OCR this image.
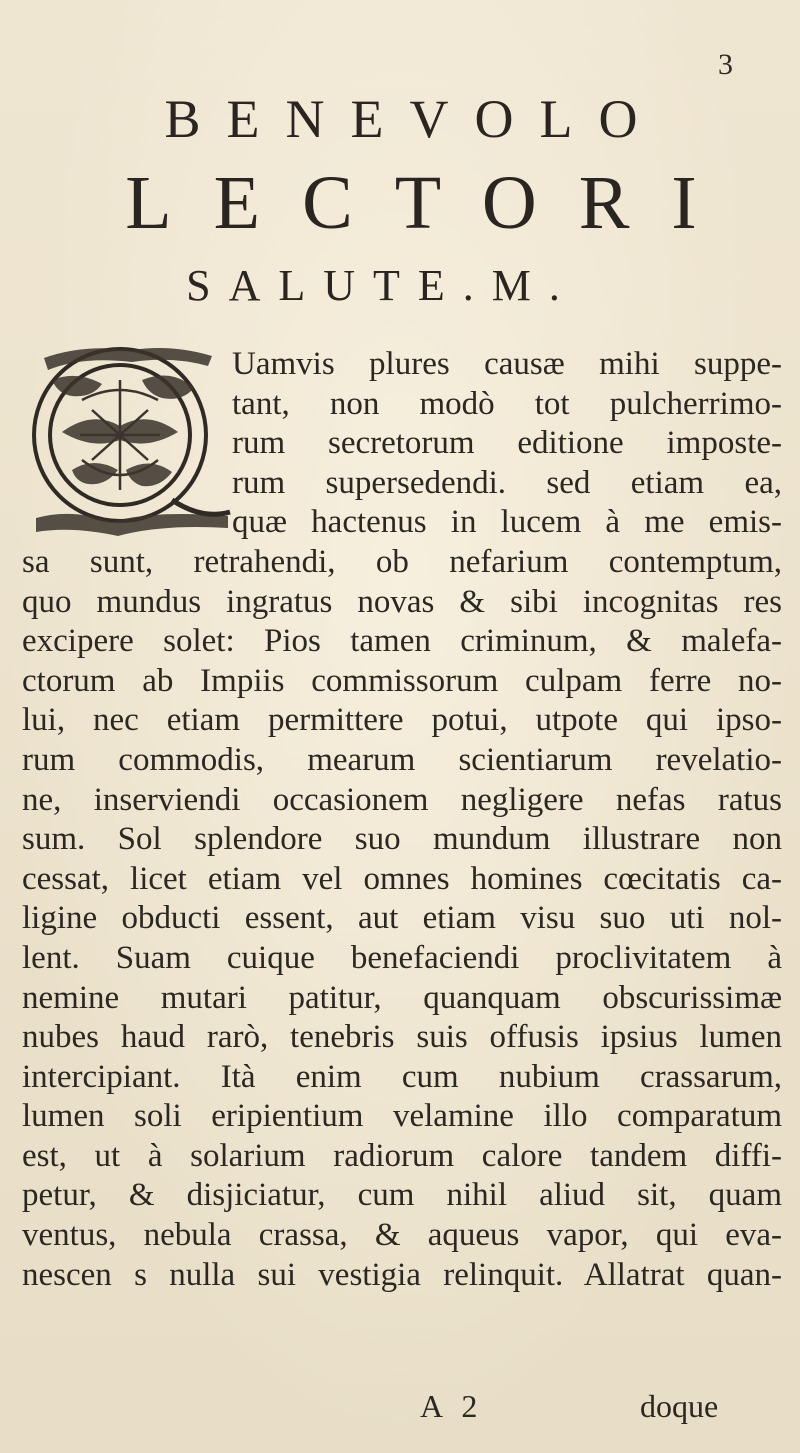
3
BENEVOLO
LECTORI
SALUTE.M.
Uamvis plures causæ mihi suppe-
tant, non modò tot pulcherrimo-
rum secretorum editione imposte-
rum supersedendi. sed etiam ea,
quæ hactenus in lucem à me emis-
sa sunt, retrahendi, ob nefarium contemptum,
quo mundus ingratus novas & sibi incognitas res
excipere solet: Pios tamen criminum, & malefa-
ctorum ab Impiis commissorum culpam ferre no-
lui, nec etiam permittere potui, utpote qui ipso-
rum commodis, mearum scientiarum revelatio-
ne, inserviendi occasionem negligere nefas ratus
sum. Sol splendore suo mundum illustrare non
cessat, licet etiam vel omnes homines cœcitatis ca-
ligine obducti essent, aut etiam visu suo uti nol-
lent. Suam cuique benefaciendi proclivitatem à
nemine mutari patitur, quanquam obscurissimæ
nubes haud rarò, tenebris suis offusis ipsius lumen
intercipiant. Ità enim cum nubium crassarum,
lumen soli eripientium velamine illo comparatum
est, ut à solarium radiorum calore tandem diffi-
petur, & disjiciatur, cum nihil aliud sit, quam
ventus, nebula crassa, & aqueus vapor, qui eva-
nescen s nulla sui vestigia relinquit. Allatrat quan-
A 2	doque
